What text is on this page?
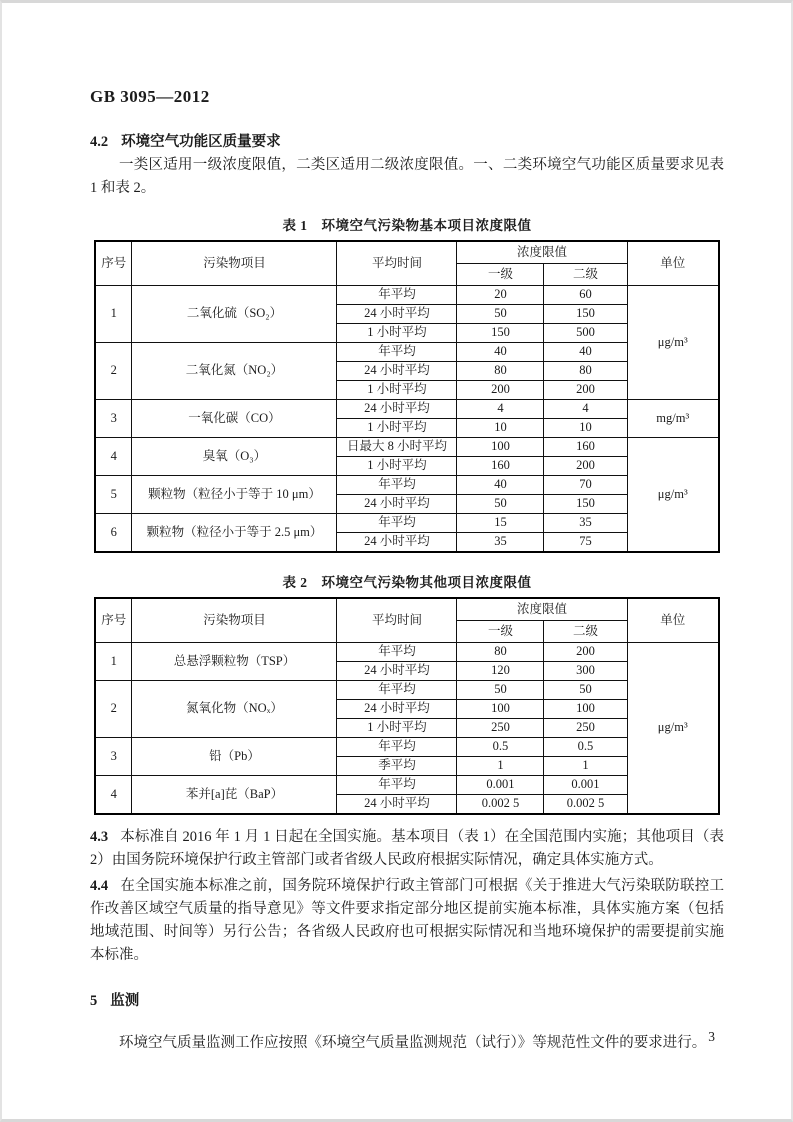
GB 3095—2012
4.2 环境空气功能区质量要求

一类区适用一级浓度限值，二类区适用二级浓度限值。一、二类环境空气功能区质量要求见表 1 和表 2。

表 1　环境空气污染物基本项目浓度限值
序号	污染物项目	平均时间	浓度限值		单位
			一级	二级	
1	二氧化硫（SO₂）	年平均	20	60	μg/m³
		24 小时平均	50	150	
		1 小时平均	150	500	
2	二氧化氮（NO₂）	年平均	40	40	
		24 小时平均	80	80	
		1 小时平均	200	200	
3	一氧化碳（CO）	24 小时平均	4	4	mg/m³
		1 小时平均	10	10	
4	臭氧（O₃）	日最大 8 小时平均	100	160	μg/m³
		1 小时平均	160	200	
5	颗粒物（粒径小于等于 10 μm）	年平均	40	70	
		24 小时平均	50	150	
6	颗粒物（粒径小于等于 2.5 μm）	年平均	15	35	
		24 小时平均	35	75	
表 2　环境空气污染物其他项目浓度限值
序号	污染物项目	平均时间	浓度限值		单位
			一级	二级	
1	总悬浮颗粒物（TSP）	年平均	80	200	μg/m³
		24 小时平均	120	300	
2	氮氧化物（NOₓ）	年平均	50	50	
		24 小时平均	100	100	
		1 小时平均	250	250	
3	铅（Pb）	年平均	0.5	0.5	
		季平均	1	1	
4	苯并[a]芘（BaP）	年平均	0.001	0.001	
		24 小时平均	0.002 5	0.002 5	

4.3 本标准自 2016 年 1 月 1 日起在全国实施。基本项目（表 1）在全国范围内实施；其他项目（表 2）由国务院环境保护行政主管部门或者省级人民政府根据实际情况，确定具体实施方式。

4.4 在全国实施本标准之前，国务院环境保护行政主管部门可根据《关于推进大气污染联防联控工作改善区域空气质量的指导意见》等文件要求指定部分地区提前实施本标准，具体实施方案（包括地域范围、时间等）另行公告；各省级人民政府也可根据实际情况和当地环境保护的需要提前实施本标准。

5 监测

环境空气质量监测工作应按照《环境空气质量监测规范（试行）》等规范性文件的要求进行。 3
